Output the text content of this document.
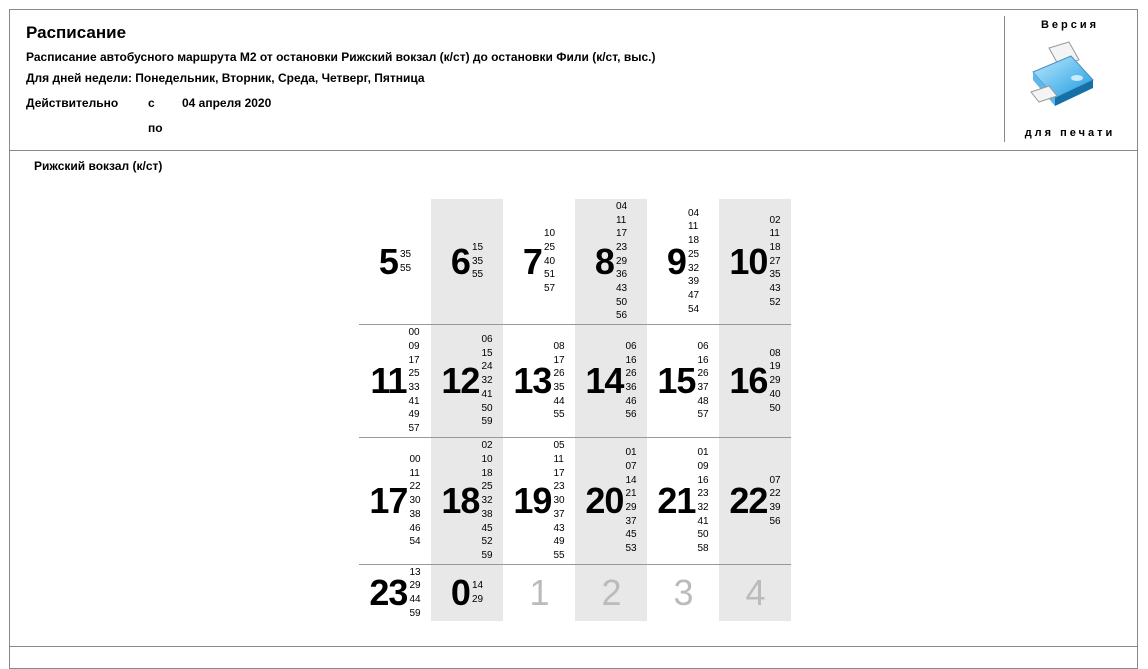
Расписание
Расписание автобусного маршрута М2 от остановки Рижский вокзал (к/ст) до остановки Фили (к/ст, выс.)
Для дней недели: Понедельник, Вторник, Среда, Четверг, Пятница
Действительно с 04 апреля 2020
по
Версия
для печати
Рижский вокзал (к/ст)
5 35
55 6 15
35
55 7
10
25
40
51
57
8
04
11
17
23
29
36
43
50
56
9
04
11
18
25
32
39
47
54
10
02
11
18
27
35
43
52
11
00
09
17
25
33
41
49
57
12
06
15
24
32
41
50
59
13
08
17
26
35
44
55
14
06
16
26
36
46
56
15
06
16
26
37
48
57
16
08
19
29
40
50
17
00
11
22
30
38
46
54
18
02
10
18
25
32
38
45
52
59
19
05
11
17
23
30
37
43
49
55
20
01
07
14
21
29
37
45
53
21
01
09
16
23
32
41
50
58
22 07
22
39
56
23 13
29
44
59
0 14
29 1 2 3 4
